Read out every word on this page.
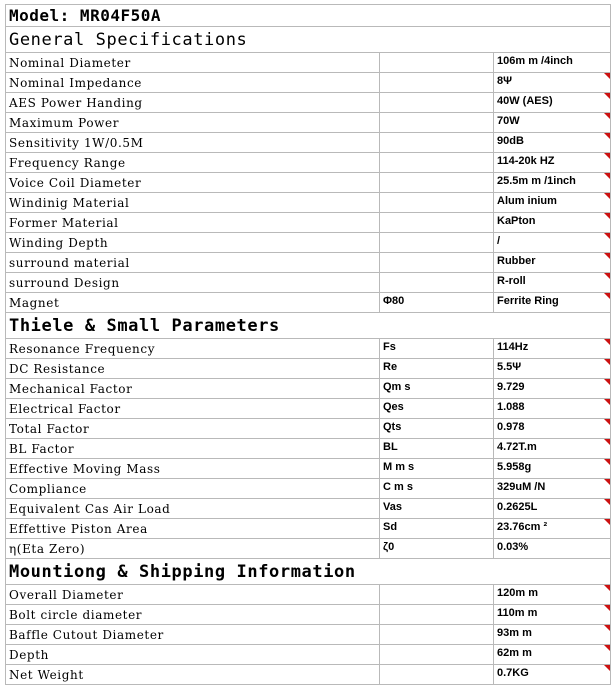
Model: MR04F50A		
General Specifications		
Nominal Diameter		106m m /4inch
Nominal Impedance		8Ψ

AES Power Handing		40W (AES)

Maximum Power		70W

Sensitivity 1W/0.5M		90dB

Frequency Range		114-20k HZ

Voice Coil Diameter		25.5m m /1inch

Windinig Material		Alum inium

Former Material		KaPton

Winding Depth		/

surround material		Rubber

surround Design		R-roll

Magnet	Φ80	Ferrite Ring

Thiele & Small Parameters		
Resonance Frequency	Fs	114Hz

DC Resistance	Re	5.5Ψ

Mechanical Factor	Qm s	9.729

Electrical Factor	Qes	1.088

Total Factor	Qts	0.978

BL Factor	BL	4.72T.m

Effective Moving Mass	M m s	5.958g

Compliance	C m s	329uM /N

Equivalent Cas Air Load	Vas	0.2625L

Effettive Piston Area	Sd	23.76cm ²

η(Eta Zero)	ζ0	0.03%
Mountiong & Shipping Information		
Overall Diameter		120m m

Bolt circle diameter		110m m

Baffle Cutout Diameter		93m m

Depth		62m m

Net Weight		0.7KG
